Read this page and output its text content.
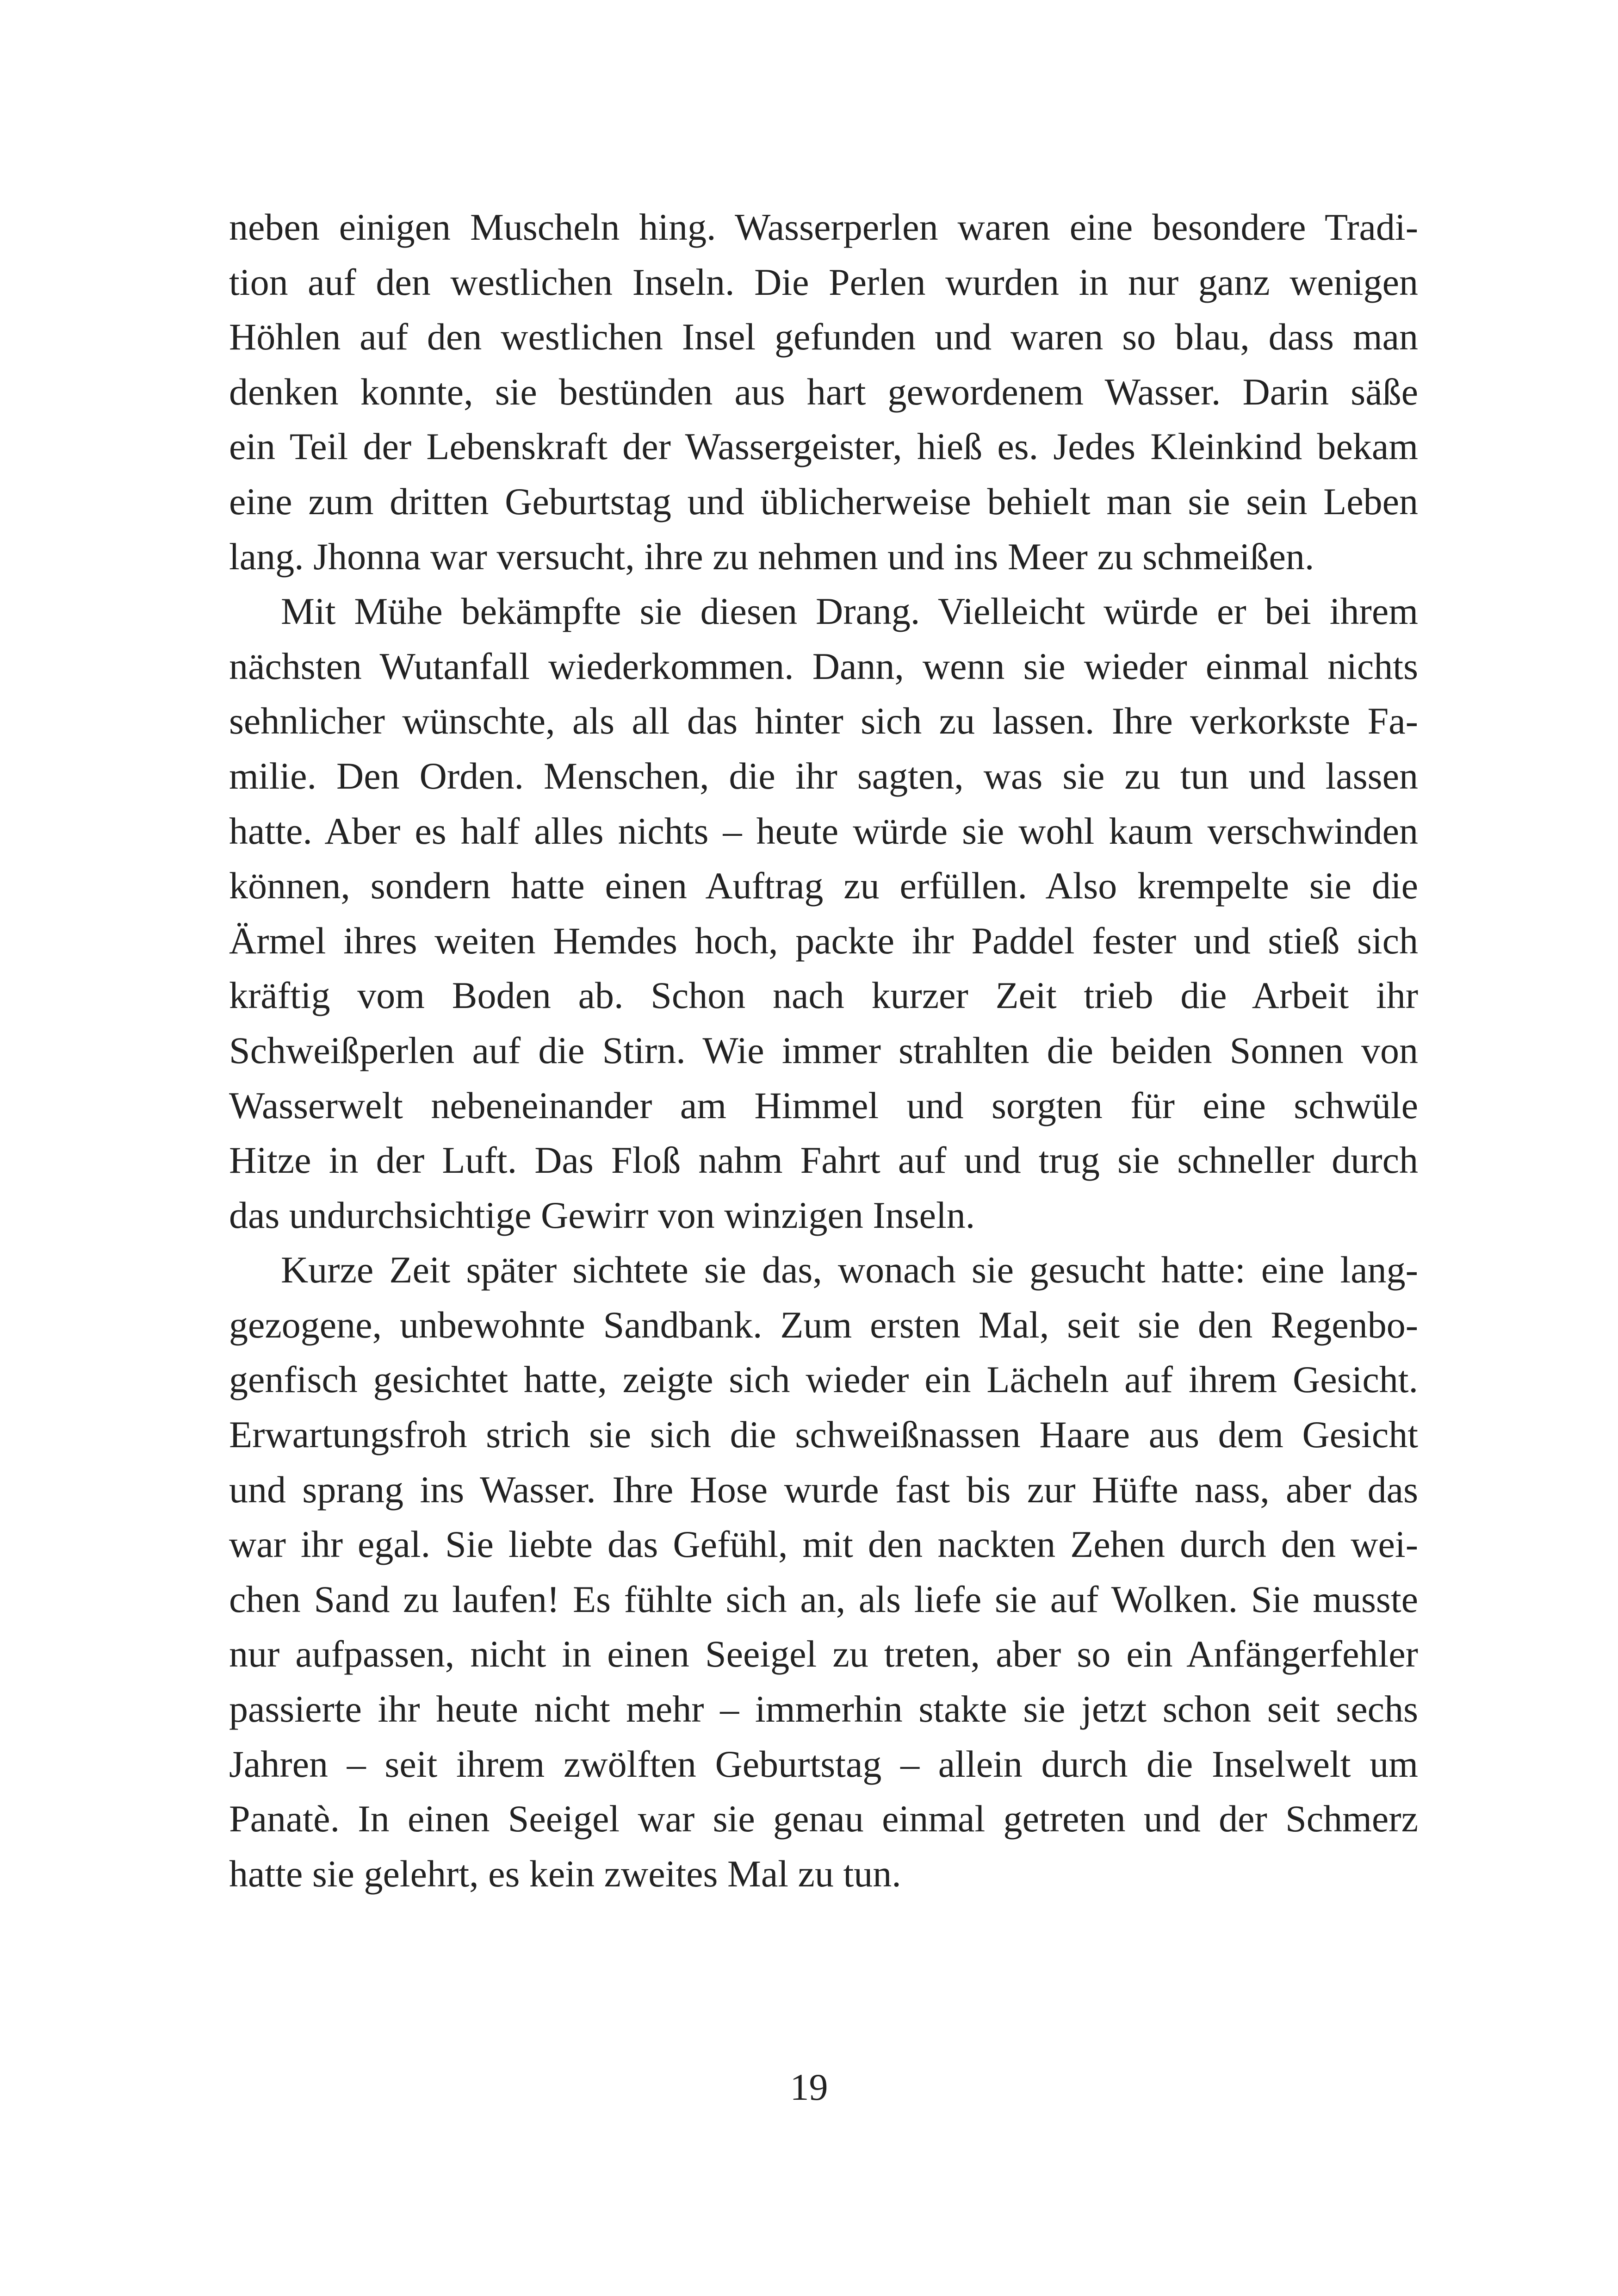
neben einigen Muscheln hing. Wasserperlen waren eine besondere Tradi-
tion auf den westlichen Inseln. Die Perlen wurden in nur ganz wenigen
Höhlen auf den westlichen Insel gefunden und waren so blau, dass man
denken konnte, sie bestünden aus hart gewordenem Wasser. Darin säße
ein Teil der Lebenskraft der Wassergeister, hieß es. Jedes Kleinkind bekam
eine zum dritten Geburtstag und üblicherweise behielt man sie sein Leben
lang. Jhonna war versucht, ihre zu nehmen und ins Meer zu schmeißen.
Mit Mühe bekämpfte sie diesen Drang. Vielleicht würde er bei ihrem
nächsten Wutanfall wiederkommen. Dann, wenn sie wieder einmal nichts
sehnlicher wünschte, als all das hinter sich zu lassen. Ihre verkorkste Fa-
milie. Den Orden. Menschen, die ihr sagten, was sie zu tun und lassen
hatte. Aber es half alles nichts – heute würde sie wohl kaum verschwinden
können, sondern hatte einen Auftrag zu erfüllen. Also krempelte sie die
Ärmel ihres weiten Hemdes hoch, packte ihr Paddel fester und stieß sich
kräftig vom Boden ab. Schon nach kurzer Zeit trieb die Arbeit ihr
Schweißperlen auf die Stirn. Wie immer strahlten die beiden Sonnen von
Wasserwelt nebeneinander am Himmel und sorgten für eine schwüle
Hitze in der Luft. Das Floß nahm Fahrt auf und trug sie schneller durch
das undurchsichtige Gewirr von winzigen Inseln.
Kurze Zeit später sichtete sie das, wonach sie gesucht hatte: eine lang-
gezogene, unbewohnte Sandbank. Zum ersten Mal, seit sie den Regenbo-
genfisch gesichtet hatte, zeigte sich wieder ein Lächeln auf ihrem Gesicht.
Erwartungsfroh strich sie sich die schweißnassen Haare aus dem Gesicht
und sprang ins Wasser. Ihre Hose wurde fast bis zur Hüfte nass, aber das
war ihr egal. Sie liebte das Gefühl, mit den nackten Zehen durch den wei-
chen Sand zu laufen! Es fühlte sich an, als liefe sie auf Wolken. Sie musste
nur aufpassen, nicht in einen Seeigel zu treten, aber so ein Anfängerfehler
passierte ihr heute nicht mehr – immerhin stakte sie jetzt schon seit sechs
Jahren – seit ihrem zwölften Geburtstag – allein durch die Inselwelt um
Panatè. In einen Seeigel war sie genau einmal getreten und der Schmerz
hatte sie gelehrt, es kein zweites Mal zu tun.
19
